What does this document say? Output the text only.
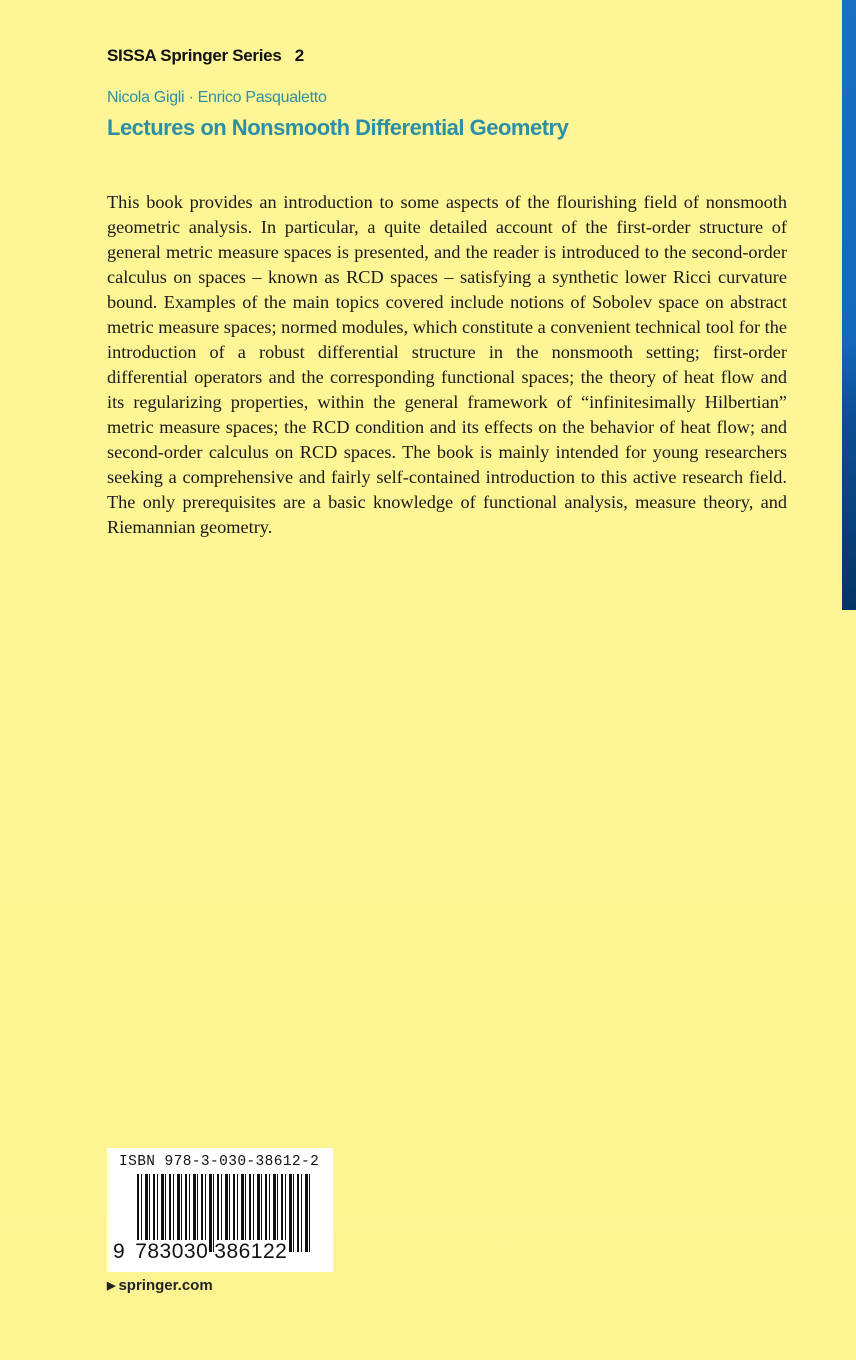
SISSA Springer Series   2
Nicola Gigli · Enrico Pasqualetto
Lectures on Nonsmooth Differential Geometry

This book provides an introduction to some aspects of the flourishing field of nonsmooth geometric analysis. In particular, a quite detailed account of the first-order structure of general metric measure spaces is presented, and the reader is introduced to the second-order calculus on spaces – known as RCD spaces – satisfying a synthetic lower Ricci curvature bound. Examples of the main topics covered include notions of Sobolev space on abstract metric measure spaces; normed modules, which constitute a convenient technical tool for the introduction of a robust differential structure in the nonsmooth setting; first-order differential operators and the corresponding functional spaces; the theory of heat flow and its regularizing properties, within the general framework of “infinitesimally Hilbertian” metric measure spaces; the RCD condition and its effects on the behavior of heat flow; and second-order calculus on RCD spaces. The book is mainly intended for young researchers seeking a comprehensive and fairly self-contained introduction to this active research field. The only prerequisites are a basic knowledge of functional analysis, measure theory, and Riemannian geometry.

ISBN 978-3-030-38612-2
9 783030 386122
▶ springer.com
